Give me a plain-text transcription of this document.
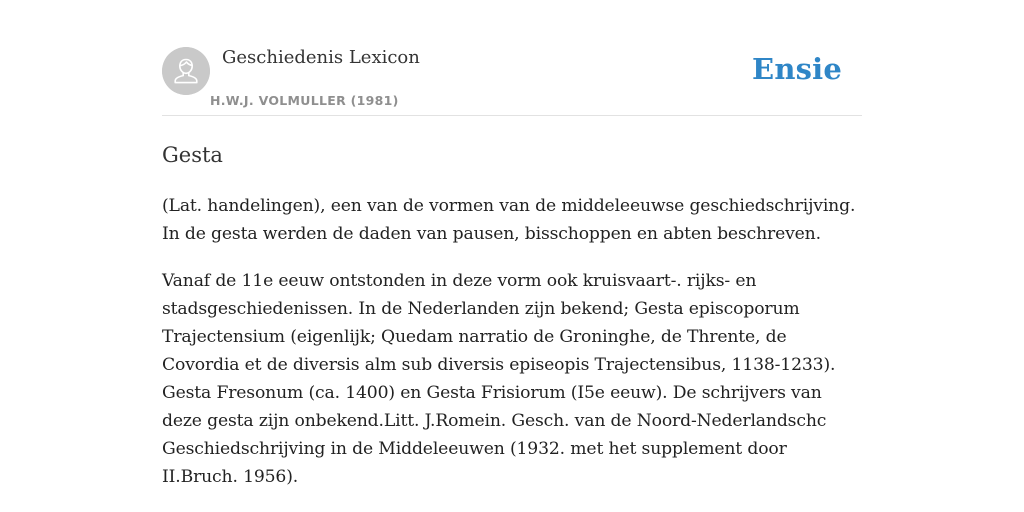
Geschiedenis Lexicon
H.W.J. VOLMULLER (1981)
Ensie
Gesta

(Lat. handelingen), een van de vormen van de middeleeuwse geschiedschrijving. In de gesta werden de daden van pausen, bisschoppen en abten beschreven.

Vanaf de 11e eeuw ontstonden in deze vorm ook kruisvaart-. rijks- en stadsgeschiedenissen. In de Nederlanden zijn bekend; Gesta episcoporum Trajectensium (eigenlijk; Quedam narratio de Groninghe, de Thrente, de Covordia et de diversis alm sub diversis episeopis Trajectensibus, 1138-1233). Gesta Fresonum (ca. 1400) en Gesta Frisiorum (I5e eeuw). De schrijvers van deze gesta zijn onbekend.Litt. J.Romein. Gesch. van de Noord-Nederlandschc Geschiedschrijving in de Middeleeuwen (1932. met het supplement door II.Bruch. 1956).
